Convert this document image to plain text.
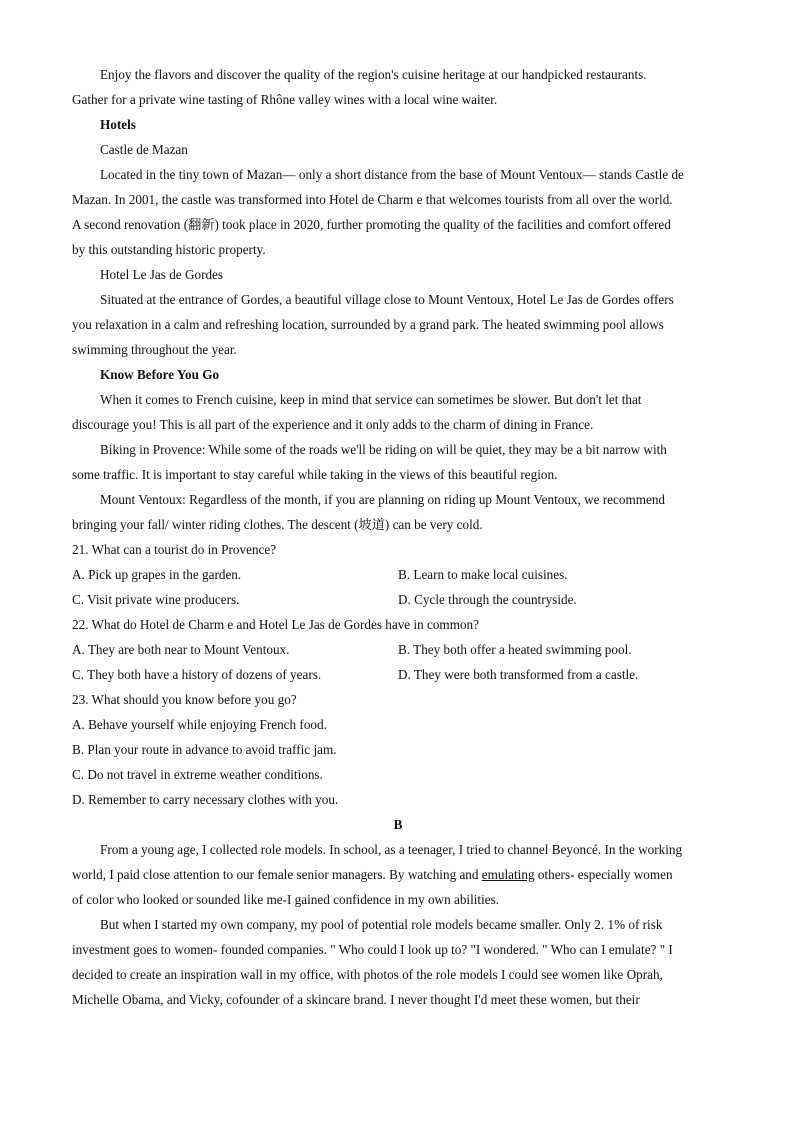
Enjoy the flavors and discover the quality of the region's cuisine heritage at our handpicked restaurants.
Gather for a private wine tasting of Rhône valley wines with a local wine waiter.
Hotels
Castle de Mazan
Located in the tiny town of Mazan— only a short distance from the base of Mount Ventoux— stands Castle de
Mazan. In 2001, the castle was transformed into Hotel de Charm e that welcomes tourists from all over the world.
A second renovation (翻新) took place in 2020, further promoting the quality of the facilities and comfort offered
by this outstanding historic property.
Hotel Le Jas de Gordes
Situated at the entrance of Gordes, a beautiful village close to Mount Ventoux, Hotel Le Jas de Gordes offers
you relaxation in a calm and refreshing location, surrounded by a grand park. The heated swimming pool allows
swimming throughout the year.
Know Before You Go
When it comes to French cuisine, keep in mind that service can sometimes be slower. But don't let that
discourage you! This is all part of the experience and it only adds to the charm of dining in France.
Biking in Provence: While some of the roads we'll be riding on will be quiet, they may be a bit narrow with
some traffic. It is important to stay careful while taking in the views of this beautiful region.
Mount Ventoux: Regardless of the month, if you are planning on riding up Mount Ventoux, we recommend
bringing your fall/ winter riding clothes. The descent (坡道) can be very cold.
21. What can a tourist do in Provence?
A. Pick up grapes in the garden.	B. Learn to make local cuisines.
C. Visit private wine producers.	D. Cycle through the countryside.
22. What do Hotel de Charm e and Hotel Le Jas de Gordes have in common?
A. They are both near to Mount Ventoux.	B. They both offer a heated swimming pool.
C. They both have a history of dozens of years.	D. They were both transformed from a castle.
23. What should you know before you go?
A. Behave yourself while enjoying French food.
B. Plan your route in advance to avoid traffic jam.
C. Do not travel in extreme weather conditions.
D. Remember to carry necessary clothes with you.
B
From a young age, I collected role models. In school, as a teenager, I tried to channel Beyoncé. In the working
world, I paid close attention to our female senior managers. By watching and emulating others- especially women
of color who looked or sounded like me-I gained confidence in my own abilities.
But when I started my own company, my pool of potential role models became smaller. Only 2. 1% of risk
investment goes to women- founded companies. " Who could I look up to? "I wondered. " Who can I emulate? " I
decided to create an inspiration wall in my office, with photos of the role models I could see women like Oprah,
Michelle Obama, and Vicky, cofounder of a skincare brand. I never thought I'd meet these women, but their
